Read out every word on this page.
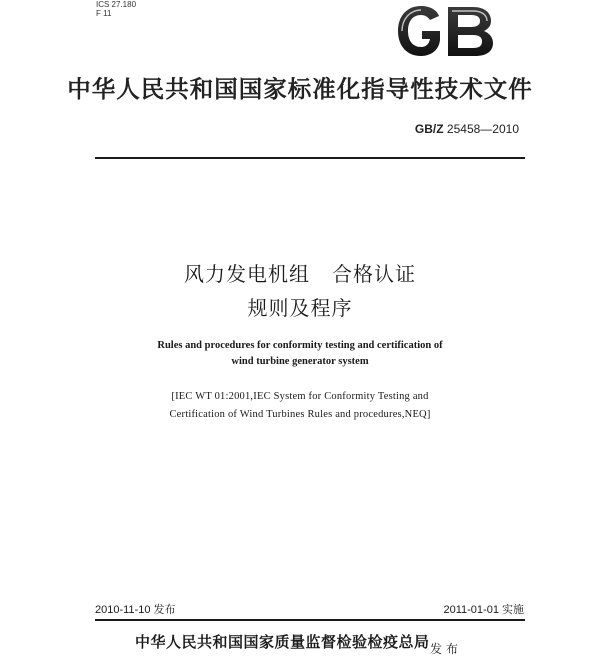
ICS 27.180
F 11
GB
中华人民共和国国家标准化指导性技术文件
GB/Z 25458—2010
风力发电机组 合格认证
规则及程序
Rules and procedures for conformity testing and certification of
wind turbine generator system
[IEC WT 01:2001,IEC System for Conformity Testing and
Certification of Wind Turbines Rules and procedures,NEQ]
2010-11-10 发布	2011-01-01 实施
中华人民共和国国家质量监督检验检疫总局 发布
